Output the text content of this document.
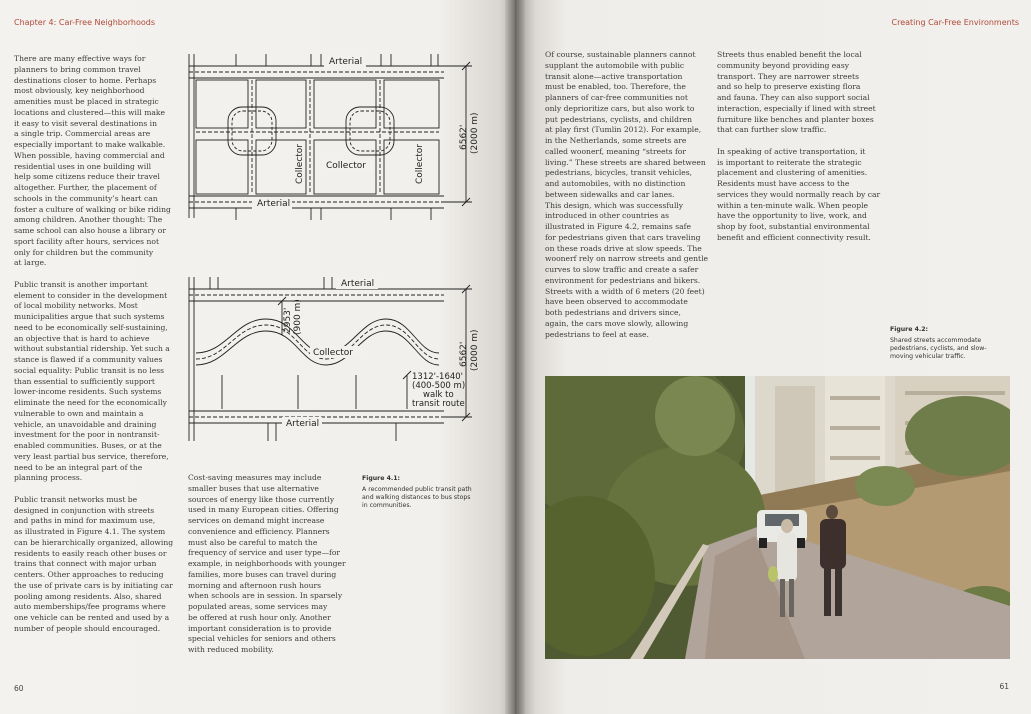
Chapter 4: Car-Free Neighborhoods
There are many effective ways for
planners to bring common travel
destinations closer to home. Perhaps
most obviously, key neighborhood
amenities must be placed in strategic
locations and clustered—this will make
it easy to visit several destinations in
a single trip. Commercial areas are
especially important to make walkable.
When possible, having commercial and
residential uses in one building will
help some citizens reduce their travel
altogether. Further, the placement of
schools in the community’s heart can
foster a culture of walking or bike riding
among children. Another thought: The
same school can also house a library or
sport facility after hours, services not
only for children but the community
at large.

Public transit is another important
element to consider in the development
of local mobility networks. Most
municipalities argue that such systems
need to be economically self-sustaining,
an objective that is hard to achieve
without substantial ridership. Yet such a
stance is flawed if a community values
social equality: Public transit is no less
than essential to sufficiently support
lower-income residents. Such systems
eliminate the need for the economically
vulnerable to own and maintain a
vehicle, an unavoidable and draining
investment for the poor in nontransit-
enabled communities. Buses, or at the
very least partial bus service, therefore,
need to be an integral part of the
planning process.

Public transit networks must be
designed in conjunction with streets
and paths in mind for maximum use,
as illustrated in Figure 4.1. The system
can be hierarchically organized, allowing
residents to easily reach other buses or
trains that connect with major urban
centers. Other approaches to reducing
the use of private cars is by initiating car
pooling among residents. Also, shared
auto memberships/fee programs where
one vehicle can be rented and used by a
number of people should encouraged.
Arterial
Arterial
Collector
Collector	Collector
6562' (2000 m)
Arterial
Arterial
Collector
2953' (900 m)
6562' (2000 m)
1312'-1640'
(400-500 m)
walk to
transit route
Cost-saving measures may include
smaller buses that use alternative
sources of energy like those currently
used in many European cities. Offering
services on demand might increase
convenience and efficiency. Planners
must also be careful to match the
frequency of service and user type—for
example, in neighborhoods with younger
families, more buses can travel during
morning and afternoon rush hours
when schools are in session. In sparsely
populated areas, some services may
be offered at rush hour only. Another
important consideration is to provide
special vehicles for seniors and others
with reduced mobility.
Figure 4.1:
A recommended public transit path
and walking distances to bus stops
in communities.
60
Creating Car-Free Environments
Of course, sustainable planners cannot
supplant the automobile with public
transit alone—active transportation
must be enabled, too. Therefore, the
planners of car-free communities not
only deprioritize cars, but also work to
put pedestrians, cyclists, and children
at play first (Tumlin 2012). For example,
in the Netherlands, some streets are
called woonerf, meaning “streets for
living.” These streets are shared between
pedestrians, bicycles, transit vehicles,
and automobiles, with no distinction
between sidewalks and car lanes.
This design, which was successfully
introduced in other countries as
illustrated in Figure 4.2, remains safe
for pedestrians given that cars traveling
on these roads drive at slow speeds. The
woonerf rely on narrow streets and gentle
curves to slow traffic and create a safer
environment for pedestrians and bikers.
Streets with a width of 6 meters (20 feet)
have been observed to accommodate
both pedestrians and drivers since,
again, the cars move slowly, allowing
pedestrians to feel at ease.
Streets thus enabled benefit the local
community beyond providing easy
transport. They are narrower streets
and so help to preserve existing flora
and fauna. They can also support social
interaction, especially if lined with street
furniture like benches and planter boxes
that can further slow traffic.

In speaking of active transportation, it
is important to reiterate the strategic
placement and clustering of amenities.
Residents must have access to the
services they would normally reach by car
within a ten-minute walk. When people
have the opportunity to live, work, and
shop by foot, substantial environmental
benefit and efficient connectivity result.
Figure 4.2:
Shared streets accommodate
pedestrians, cyclists, and slow-
moving vehicular traffic.
61
